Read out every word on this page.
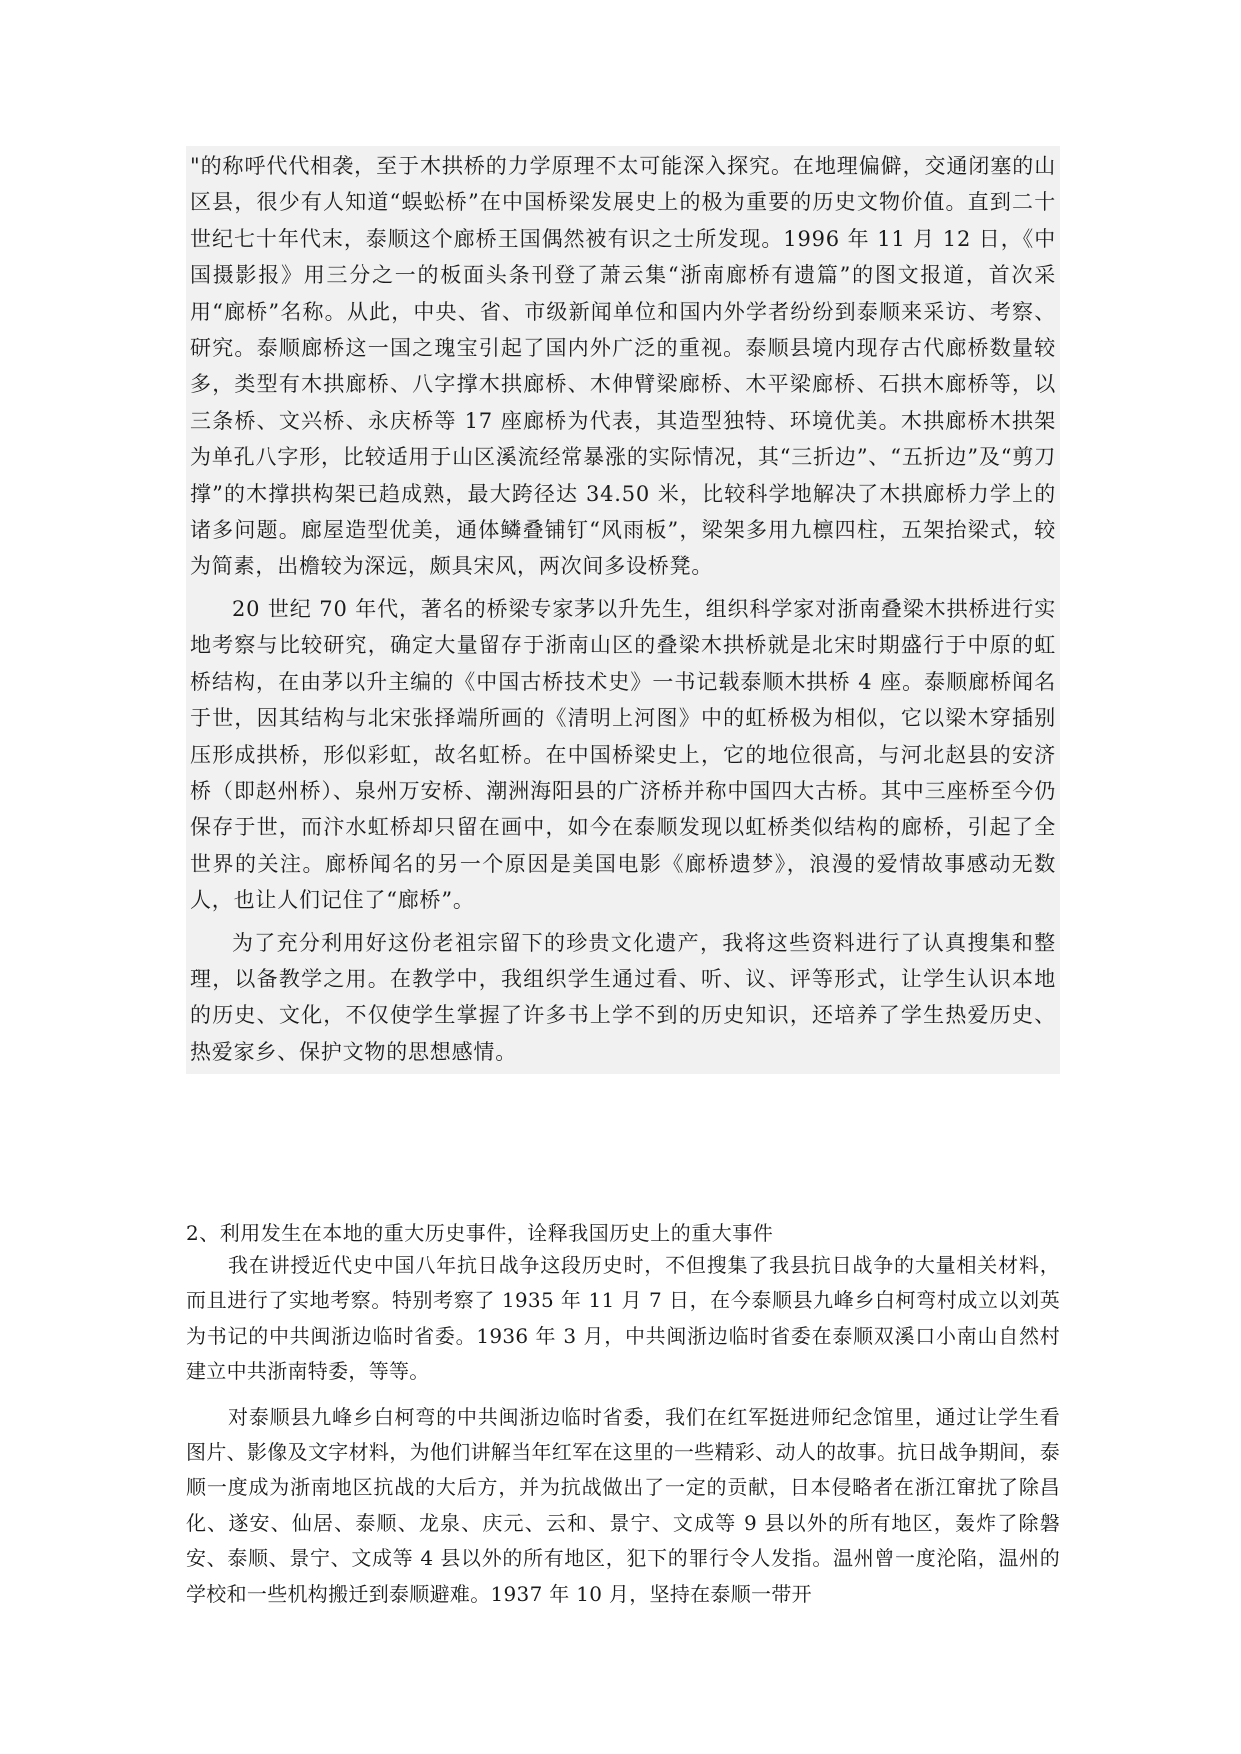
"的称呼代代相袭，至于木拱桥的力学原理不太可能深入探究。在地理偏僻，交通闭塞的山区县，很少有人知道“蜈蚣桥”在中国桥梁发展史上的极为重要的历史文物价值。直到二十世纪七十年代末，泰顺这个廊桥王国偶然被有识之士所发现。1996 年 11 月 12 日，《中国摄影报》用三分之一的板面头条刊登了萧云集“浙南廊桥有遗篇”的图文报道，首次采用“廊桥”名称。从此，中央、省、市级新闻单位和国内外学者纷纷到泰顺来采访、考察、研究。泰顺廊桥这一国之瑰宝引起了国内外广泛的重视。泰顺县境内现存古代廊桥数量较多，类型有木拱廊桥、八字撑木拱廊桥、木伸臂梁廊桥、木平梁廊桥、石拱木廊桥等，以三条桥、文兴桥、永庆桥等 17 座廊桥为代表，其造型独特、环境优美。木拱廊桥木拱架为单孔八字形，比较适用于山区溪流经常暴涨的实际情况，其“三折边”、“五折边”及“剪刀撑”的木撑拱构架已趋成熟，最大跨径达 34.50 米，比较科学地解决了木拱廊桥力学上的诸多问题。廊屋造型优美，通体鳞叠铺钉“风雨板”，梁架多用九檩四柱，五架抬梁式，较为简素，出檐较为深远，颇具宋风，两次间多设桥凳。

20 世纪 70 年代，著名的桥梁专家茅以升先生，组织科学家对浙南叠梁木拱桥进行实地考察与比较研究，确定大量留存于浙南山区的叠梁木拱桥就是北宋时期盛行于中原的虹桥结构，在由茅以升主编的《中国古桥技术史》一书记载泰顺木拱桥 4 座。泰顺廊桥闻名于世，因其结构与北宋张择端所画的《清明上河图》中的虹桥极为相似，它以梁木穿插别压形成拱桥，形似彩虹，故名虹桥。在中国桥梁史上，它的地位很高，与河北赵县的安济桥（即赵州桥）、泉州万安桥、潮洲海阳县的广济桥并称中国四大古桥。其中三座桥至今仍保存于世，而汴水虹桥却只留在画中，如今在泰顺发现以虹桥类似结构的廊桥，引起了全世界的关注。廊桥闻名的另一个原因是美国电影《廊桥遗梦》，浪漫的爱情故事感动无数人，也让人们记住了“廊桥”。

为了充分利用好这份老祖宗留下的珍贵文化遗产，我将这些资料进行了认真搜集和整理，以备教学之用。在教学中，我组织学生通过看、听、议、评等形式，让学生认识本地的历史、文化，不仅使学生掌握了许多书上学不到的历史知识，还培养了学生热爱历史、热爱家乡、保护文物的思想感情。

2、利用发生在本地的重大历史事件，诠释我国历史上的重大事件

我在讲授近代史中国八年抗日战争这段历史时，不但搜集了我县抗日战争的大量相关材料，而且进行了实地考察。特别考察了 1935 年 11 月 7 日，在今泰顺县九峰乡白柯弯村成立以刘英为书记的中共闽浙边临时省委。1936 年 3 月，中共闽浙边临时省委在泰顺双溪口小南山自然村建立中共浙南特委，等等。

对泰顺县九峰乡白柯弯的中共闽浙边临时省委，我们在红军挺进师纪念馆里，通过让学生看图片、影像及文字材料，为他们讲解当年红军在这里的一些精彩、动人的故事。抗日战争期间，泰顺一度成为浙南地区抗战的大后方，并为抗战做出了一定的贡献，日本侵略者在浙江窜扰了除昌化、遂安、仙居、泰顺、龙泉、庆元、云和、景宁、文成等 9 县以外的所有地区，轰炸了除磐安、泰顺、景宁、文成等 4 县以外的所有地区，犯下的罪行令人发指。温州曾一度沦陷，温州的学校和一些机构搬迁到泰顺避难。1937 年 10 月，坚持在泰顺一带开
